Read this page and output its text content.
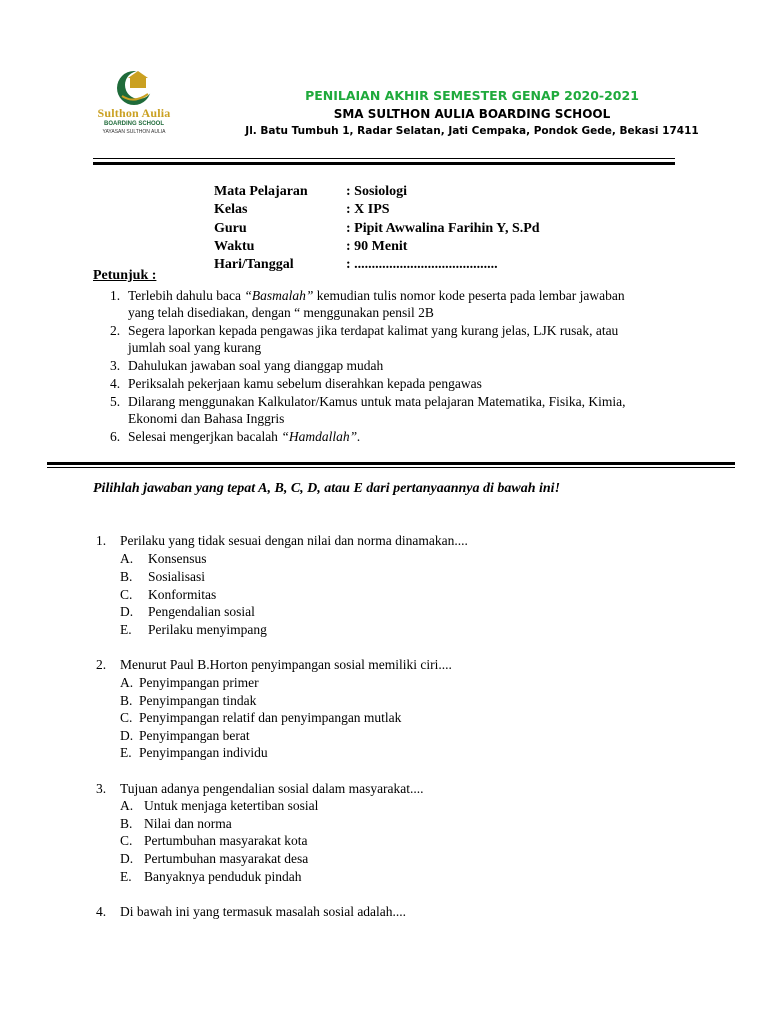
Sulthon Aulia
BOARDING SCHOOL
YAYASAN SULTHON AULIA
PENILAIAN AKHIR SEMESTER GENAP 2020-2021
SMA SULTHON AULIA BOARDING SCHOOL
Jl. Batu Tumbuh 1, Radar Selatan, Jati Cempaka, Pondok Gede, Bekasi 17411
Mata Pelajaran	: Sosiologi
Kelas	: X IPS
Guru	: Pipit Awwalina Farihin Y, S.Pd
Waktu	: 90 Menit
Hari/Tanggal	: .........................................
Petunjuk :
1. Terlebih dahulu baca “Basmalah” kemudian tulis nomor kode peserta pada lembar jawaban
yang telah disediakan, dengan “ menggunakan pensil 2B
2. Segera laporkan kepada pengawas jika terdapat kalimat yang kurang jelas, LJK rusak, atau
jumlah soal yang kurang
3. Dahulukan jawaban soal yang dianggap mudah
4. Periksalah pekerjaan kamu sebelum diserahkan kepada pengawas
5. Dilarang menggunakan Kalkulator/Kamus untuk mata pelajaran Matematika, Fisika, Kimia,
Ekonomi dan Bahasa Inggris
6. Selesai mengerjkan bacalah “Hamdallah”.
Pilihlah jawaban yang tepat A, B, C, D, atau E dari pertanyaannya di bawah ini!
1. Perilaku yang tidak sesuai dengan nilai dan norma dinamakan....
A. Konsensus
B. Sosialisasi
C. Konformitas
D. Pengendalian sosial
E. Perilaku menyimpang
2. Menurut Paul B.Horton penyimpangan sosial memiliki ciri....
A. Penyimpangan primer
B. Penyimpangan tindak
C. Penyimpangan relatif dan penyimpangan mutlak
D. Penyimpangan berat
E. Penyimpangan individu
3. Tujuan adanya pengendalian sosial dalam masyarakat....
A. Untuk menjaga ketertiban sosial
B. Nilai dan norma
C. Pertumbuhan masyarakat kota
D. Pertumbuhan masyarakat desa
E. Banyaknya penduduk pindah
4. Di bawah ini yang termasuk masalah sosial adalah....
